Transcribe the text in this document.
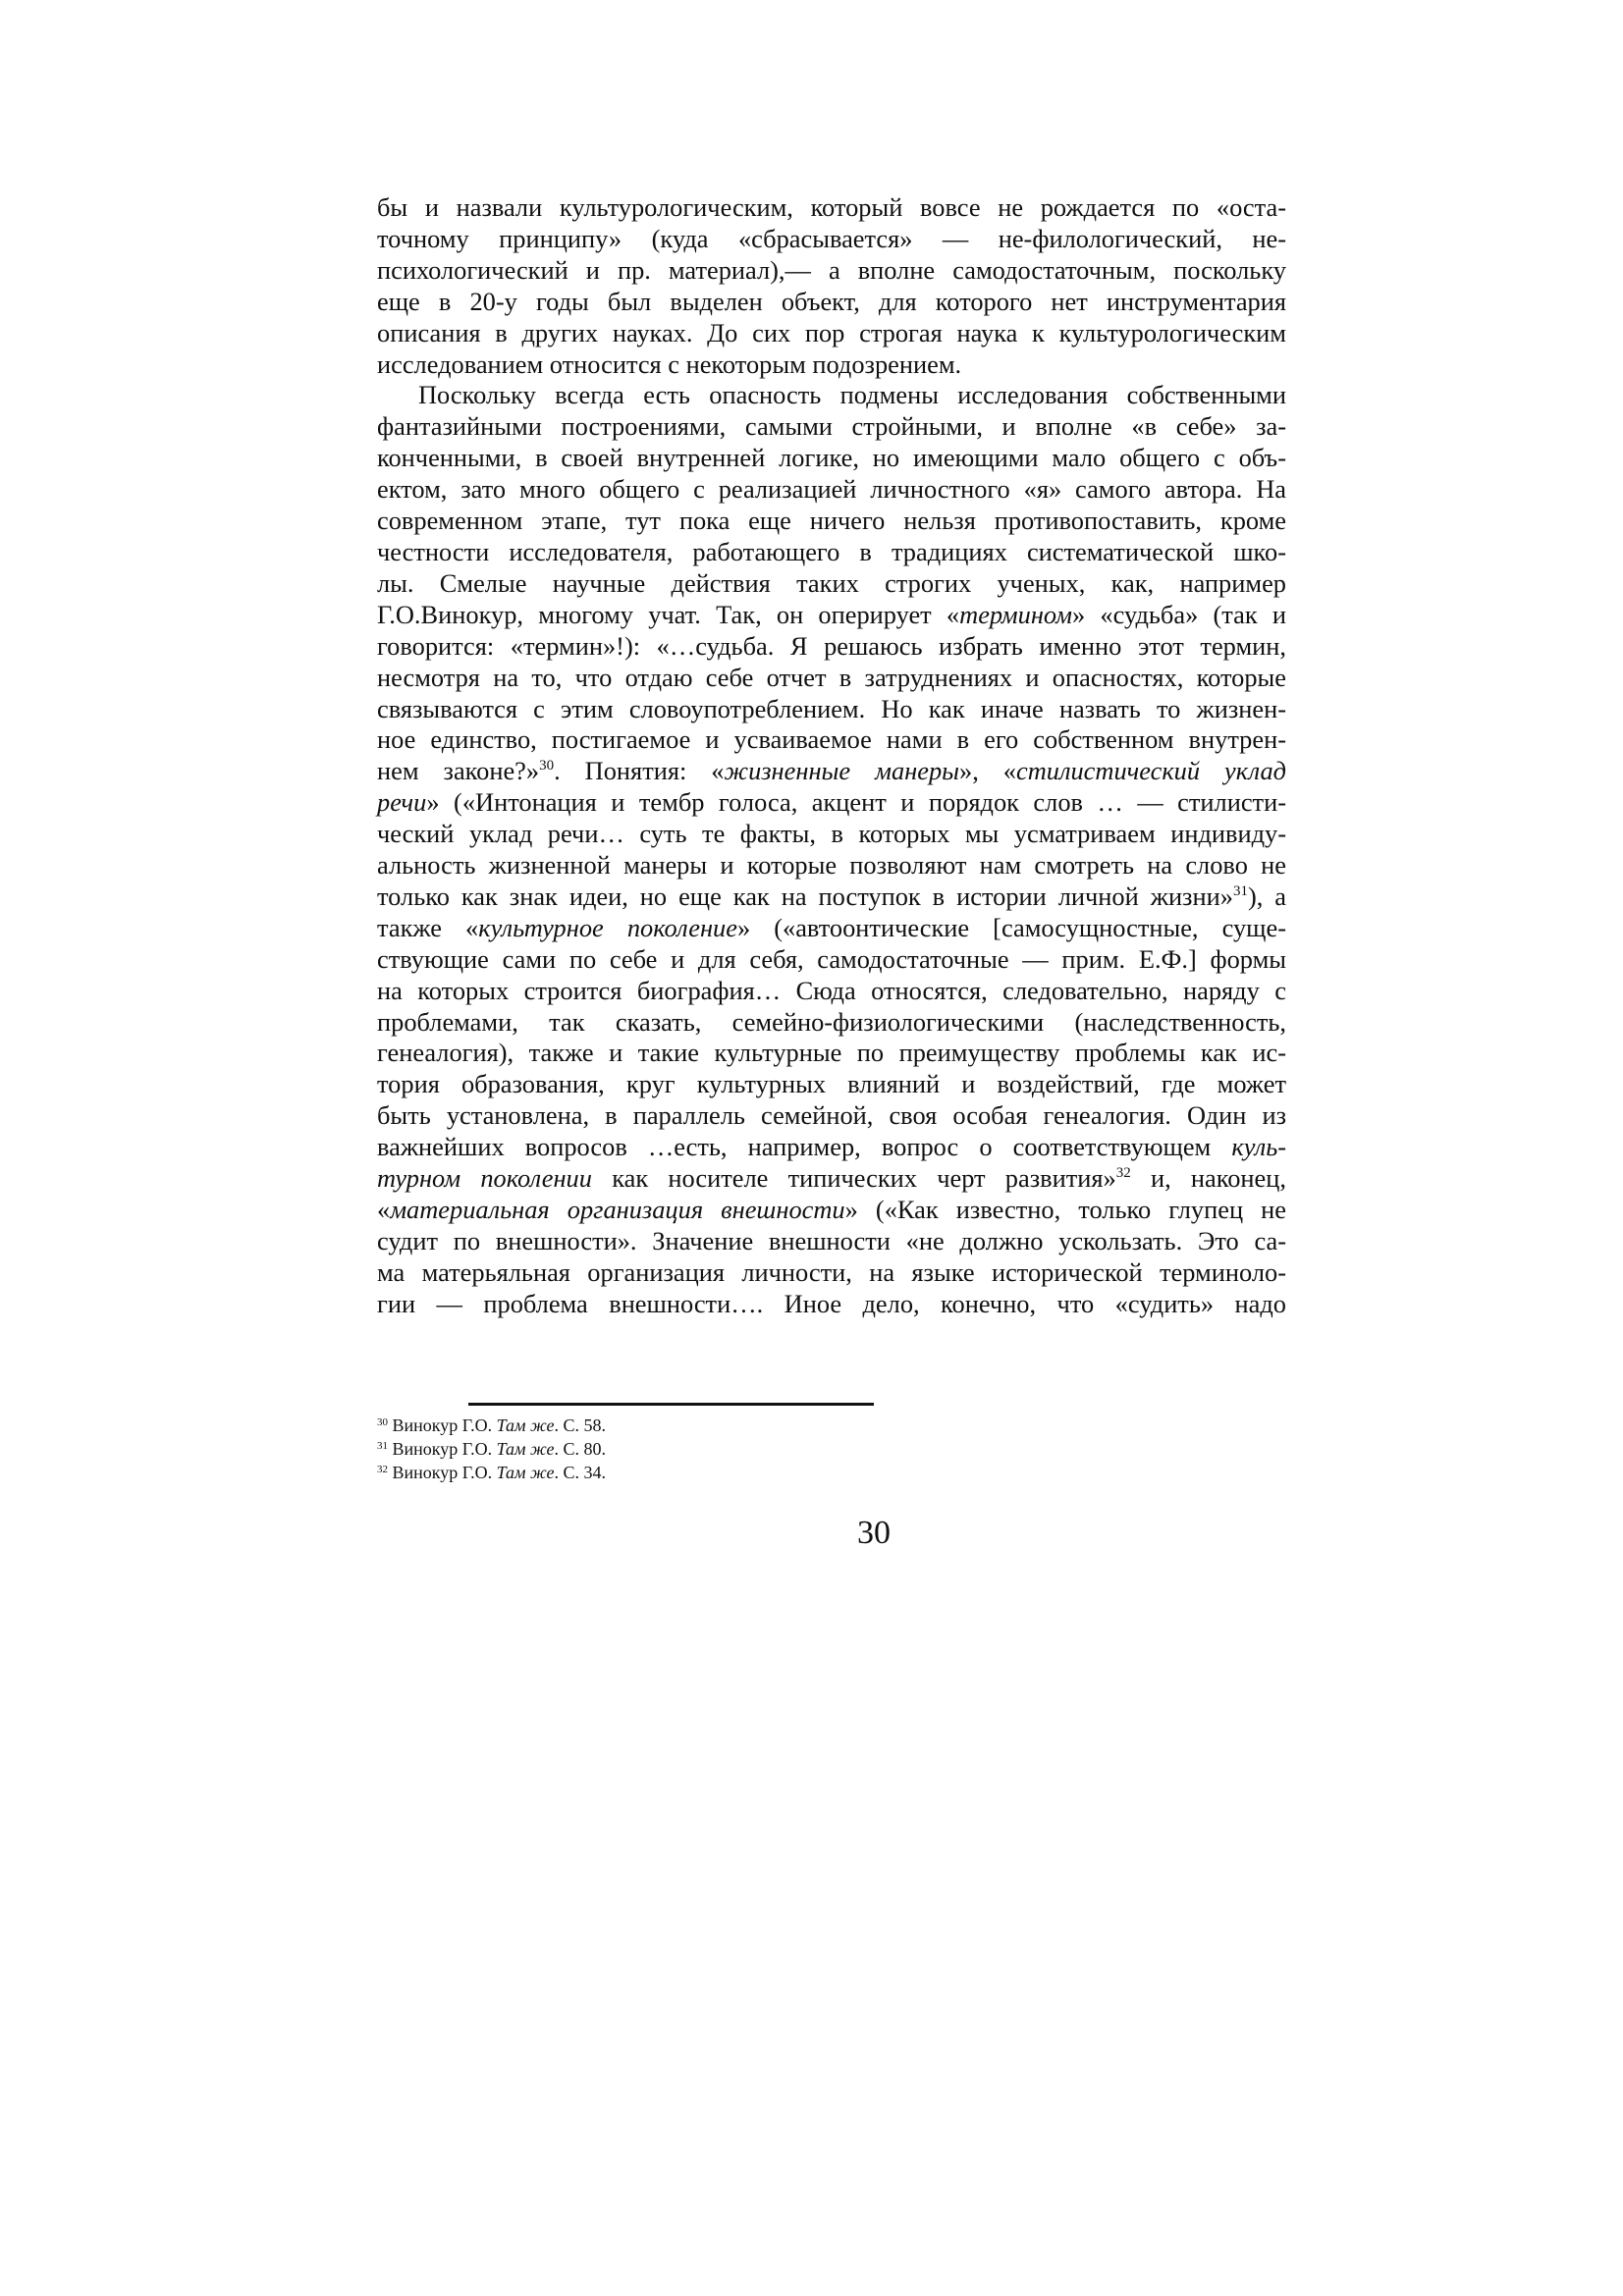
бы и назвали культурологическим, который вовсе не рождается по «оста-
точному принципу» (куда «сбрасывается» — не-филологический, не-
психологический и пр. материал),— а вполне самодостаточным, поскольку
еще в 20-у годы был выделен объект, для которого нет инструментария
описания в других науках. До сих пор строгая наука к культурологическим
исследованием относится с некоторым подозрением.

Поскольку всегда есть опасность подмены исследования собственными
фантазийными построениями, самыми стройными, и вполне «в себе» за-
конченными, в своей внутренней логике, но имеющими мало общего с объ-
ектом, зато много общего с реализацией личностного «я» самого автора. На
современном этапе, тут пока еще ничего нельзя противопоставить, кроме
честности исследователя, работающего в традициях систематической шко-
лы. Смелые научные действия таких строгих ученых, как, например
Г.О.Винокур, многому учат. Так, он оперирует «термином» «судьба» (так и
говорится: «термин»!): «…судьба. Я решаюсь избрать именно этот термин,
несмотря на то, что отдаю себе отчет в затруднениях и опасностях, которые
связываются с этим словоупотреблением. Но как иначе назвать то жизнен-
ное единство, постигаемое и усваиваемое нами в его собственном внутрен-
нем законе?»$^{30}$. Понятия: «жизненные манеры», «стилистический уклад
речи» («Интонация и тембр голоса, акцент и порядок слов … — стилисти-
ческий уклад речи… суть те факты, в которых мы усматриваем индивиду-
альность жизненной манеры и которые позволяют нам смотреть на слово не
только как знак идеи, но еще как на поступок в истории личной жизни»$^{31}$), а
также «культурное поколение» («автоонтические [самосущностные, суще-
ствующие сами по себе и для себя, самодостаточные — прим. Е.Ф.] формы
на которых строится биография… Сюда относятся, следовательно, наряду с
проблемами, так сказать, семейно-физиологическими (наследственность,
генеалогия), также и такие культурные по преимуществу проблемы как ис-
тория образования, круг культурных влияний и воздействий, где может
быть установлена, в параллель семейной, своя особая генеалогия. Один из
важнейших вопросов …есть, например, вопрос о соответствующем куль-
турном поколении как носителе типических черт развития»$^{32}$ и, наконец,
«материальная организация внешности» («Как известно, только глупец не
судит по внешности». Значение внешности «не должно ускользать. Это са-
ма матерьяльная организация личности, на языке исторической терминоло-
гии — проблема внешности…. Иное дело, конечно, что «судить» надо

$^{30}$ Винокур Г.О. Там же. С. 58.
$^{31}$ Винокур Г.О. Там же. С. 80.
$^{32}$ Винокур Г.О. Там же. С. 34.
30
